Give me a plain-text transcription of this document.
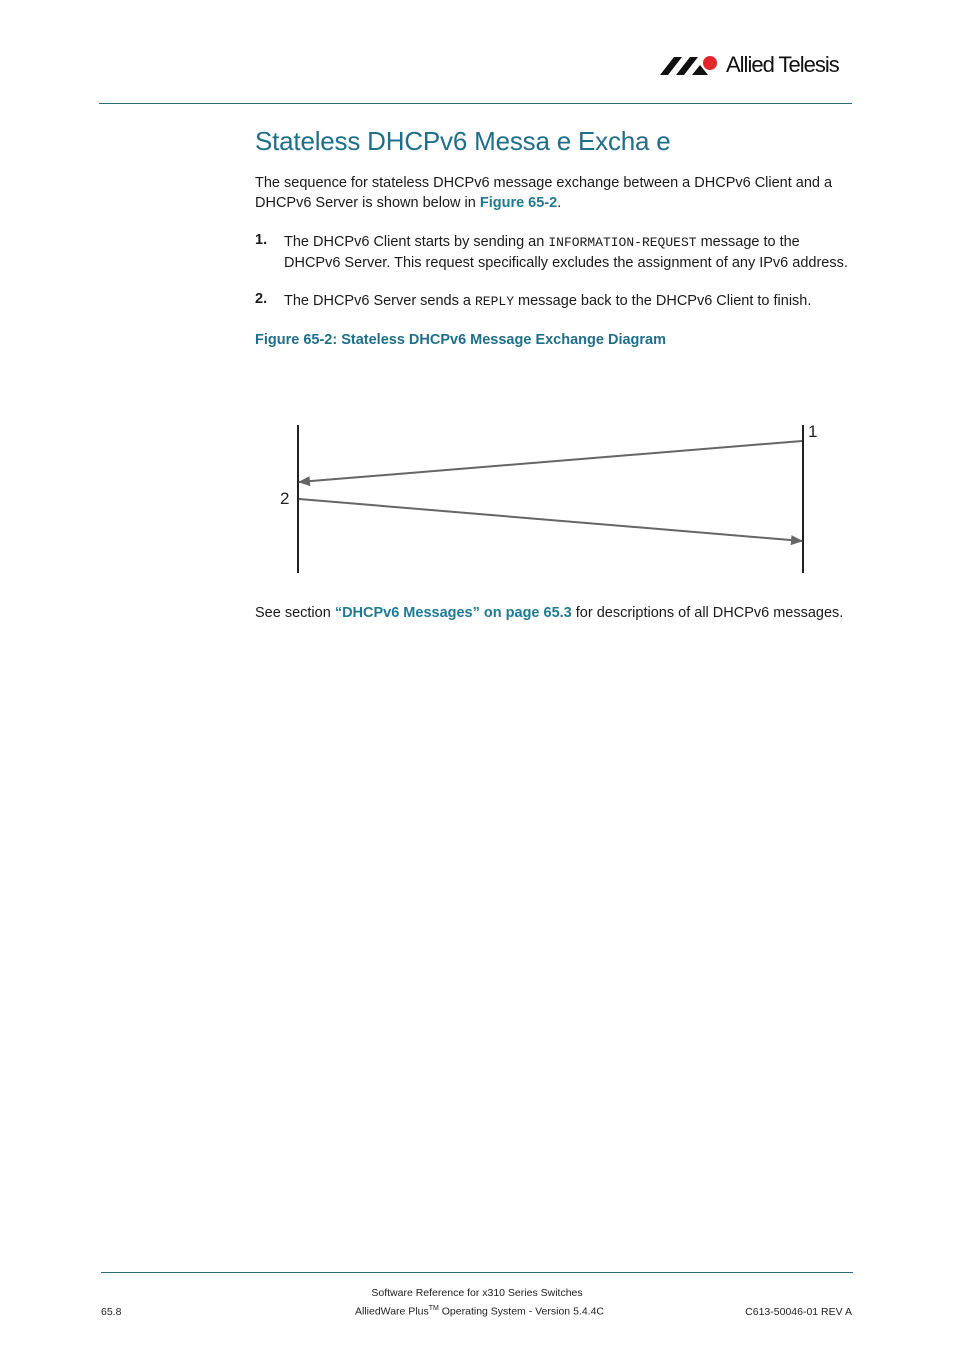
Allied Telesis
Stateless DHCPv6 Messa e Excha e
The sequence for stateless DHCPv6 message exchange between a DHCPv6 Client and a DHCPv6 Server is shown below in Figure 65-2.
1. The DHCPv6 Client starts by sending an INFORMATION-REQUEST message to the DHCPv6 Server. This request specifically excludes the assignment of any IPv6 address.
2. The DHCPv6 Server sends a REPLY message back to the DHCPv6 Client to finish.
Figure 65-2: Stateless DHCPv6 Message Exchange Diagram
1
2
See section “DHCPv6 Messages” on page 65.3 for descriptions of all DHCPv6 messages.
Software Reference for x310 Series Switches
AlliedWare Plus™ Operating System - Version 5.4.4C
65.8	C613-50046-01 REV A
